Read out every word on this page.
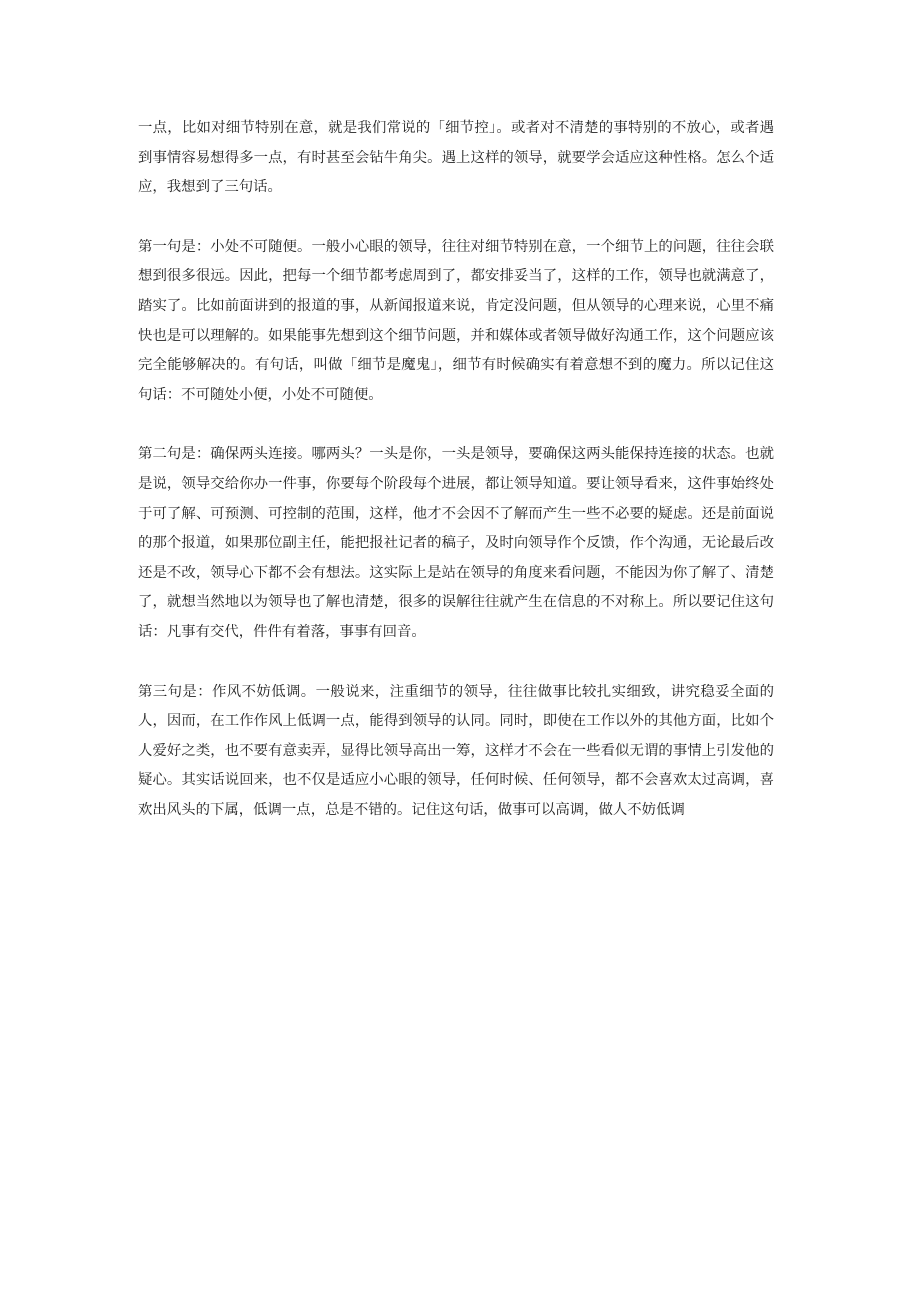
一点，比如对细节特别在意，就是我们常说的「细节控」。或者对不清楚的事特别的不放心，或者遇到事情容易想得多一点，有时甚至会钻牛角尖。遇上这样的领导，就要学会适应这种性格。怎么个适应，我想到了三句话。

第一句是：小处不可随便。一般小心眼的领导，往往对细节特别在意，一个细节上的问题，往往会联想到很多很远。因此，把每一个细节都考虑周到了，都安排妥当了，这样的工作，领导也就满意了，踏实了。比如前面讲到的报道的事，从新闻报道来说，肯定没问题，但从领导的心理来说，心里不痛快也是可以理解的。如果能事先想到这个细节问题，并和媒体或者领导做好沟通工作，这个问题应该完全能够解决的。有句话，叫做「细节是魔鬼」，细节有时候确实有着意想不到的魔力。所以记住这句话：不可随处小便，小处不可随便。

第二句是：确保两头连接。哪两头？一头是你，一头是领导，要确保这两头能保持连接的状态。也就是说，领导交给你办一件事，你要每个阶段每个进展，都让领导知道。要让领导看来，这件事始终处于可了解、可预测、可控制的范围，这样，他才不会因不了解而产生一些不必要的疑虑。还是前面说的那个报道，如果那位副主任，能把报社记者的稿子，及时向领导作个反馈，作个沟通，无论最后改还是不改，领导心下都不会有想法。这实际上是站在领导的角度来看问题，不能因为你了解了、清楚了，就想当然地以为领导也了解也清楚，很多的误解往往就产生在信息的不对称上。所以要记住这句话：凡事有交代，件件有着落，事事有回音。

第三句是：作风不妨低调。一般说来，注重细节的领导，往往做事比较扎实细致，讲究稳妥全面的人，因而，在工作作风上低调一点，能得到领导的认同。同时，即使在工作以外的其他方面，比如个人爱好之类，也不要有意卖弄，显得比领导高出一筹，这样才不会在一些看似无谓的事情上引发他的疑心。其实话说回来，也不仅是适应小心眼的领导，任何时候、任何领导，都不会喜欢太过高调，喜欢出风头的下属，低调一点，总是不错的。记住这句话，做事可以高调，做人不妨低调
